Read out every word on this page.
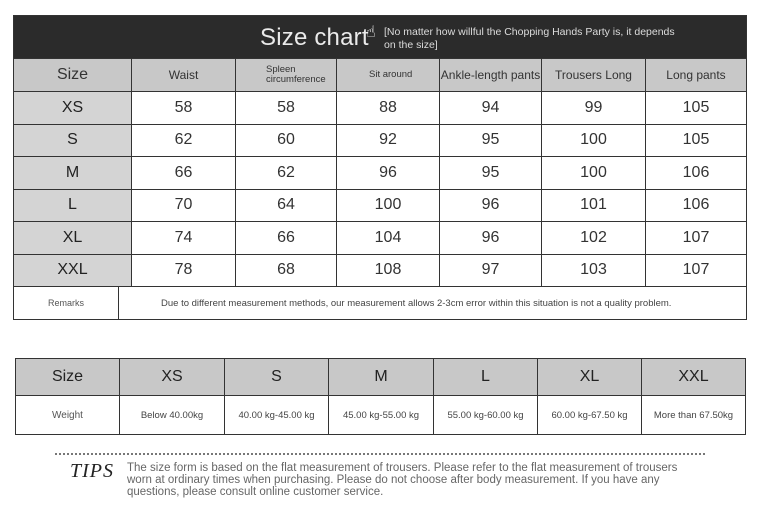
Size chart
☝ [No matter how willful the Chopping Hands Party is, it depends on the size]
Size	Waist	Spleen circumference	Sit around	Ankle-length pants	Trousers Long	Long pants
XS	58	58	88	94	99	105
S	62	60	92	95	100	105
M	66	62	96	95	100	106
L	70	64	100	96	101	106
XL	74	66	104	96	102	107
XXL	78	68	108	97	103	107
Remarks	Due to different measurement methods, our measurement allows 2-3cm error within this situation is not a quality problem.
Size	XS	S	M	L	XL	XXL
Weight	Below 40.00kg	40.00 kg-45.00 kg	45.00 kg-55.00 kg	55.00 kg-60.00 kg	60.00 kg-67.50 kg	More than 67.50kg
TIPS The size form is based on the flat measurement of trousers. Please refer to the flat measurement of trousers worn at ordinary times when purchasing. Please do not choose after body measurement. If you have any questions, please consult online customer service.
